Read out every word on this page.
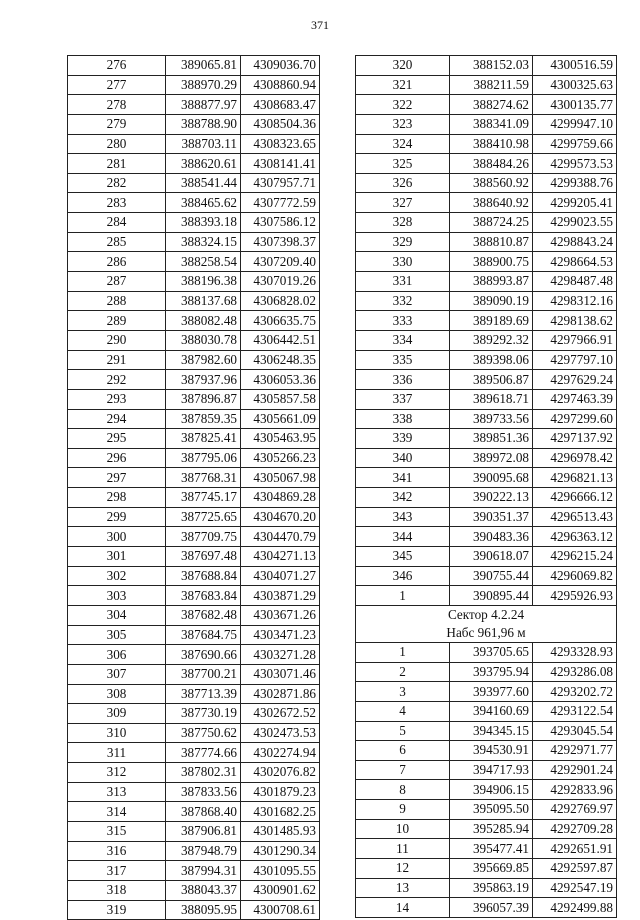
371
276	389065.81	4309036.70
277	388970.29	4308860.94
278	388877.97	4308683.47
279	388788.90	4308504.36
280	388703.11	4308323.65
281	388620.61	4308141.41
282	388541.44	4307957.71
283	388465.62	4307772.59
284	388393.18	4307586.12
285	388324.15	4307398.37
286	388258.54	4307209.40
287	388196.38	4307019.26
288	388137.68	4306828.02
289	388082.48	4306635.75
290	388030.78	4306442.51
291	387982.60	4306248.35
292	387937.96	4306053.36
293	387896.87	4305857.58
294	387859.35	4305661.09
295	387825.41	4305463.95
296	387795.06	4305266.23
297	387768.31	4305067.98
298	387745.17	4304869.28
299	387725.65	4304670.20
300	387709.75	4304470.79
301	387697.48	4304271.13
302	387688.84	4304071.27
303	387683.84	4303871.29
304	387682.48	4303671.26
305	387684.75	4303471.23
306	387690.66	4303271.28
307	387700.21	4303071.46
308	387713.39	4302871.86
309	387730.19	4302672.52
310	387750.62	4302473.53
311	387774.66	4302274.94
312	387802.31	4302076.82
313	387833.56	4301879.23
314	387868.40	4301682.25
315	387906.81	4301485.93
316	387948.79	4301290.34
317	387994.31	4301095.55
318	388043.37	4300901.62
319	388095.95	4300708.61
320	388152.03	4300516.59
321	388211.59	4300325.63
322	388274.62	4300135.77
323	388341.09	4299947.10
324	388410.98	4299759.66
325	388484.26	4299573.53
326	388560.92	4299388.76
327	388640.92	4299205.41
328	388724.25	4299023.55
329	388810.87	4298843.24
330	388900.75	4298664.53
331	388993.87	4298487.48
332	389090.19	4298312.16
333	389189.69	4298138.62
334	389292.32	4297966.91
335	389398.06	4297797.10
336	389506.87	4297629.24
337	389618.71	4297463.39
338	389733.56	4297299.60
339	389851.36	4297137.92
340	389972.08	4296978.42
341	390095.68	4296821.13
342	390222.13	4296666.12
343	390351.37	4296513.43
344	390483.36	4296363.12
345	390618.07	4296215.24
346	390755.44	4296069.82
1	390895.44	4295926.93

Сектор 4.2.24
Набс 961,96 м		

1	393705.65	4293328.93
2	393795.94	4293286.08
3	393977.60	4293202.72
4	394160.69	4293122.54
5	394345.15	4293045.54
6	394530.91	4292971.77
7	394717.93	4292901.24
8	394906.15	4292833.96
9	395095.50	4292769.97
10	395285.94	4292709.28
11	395477.41	4292651.91
12	395669.85	4292597.87
13	395863.19	4292547.19
14	396057.39	4292499.88
